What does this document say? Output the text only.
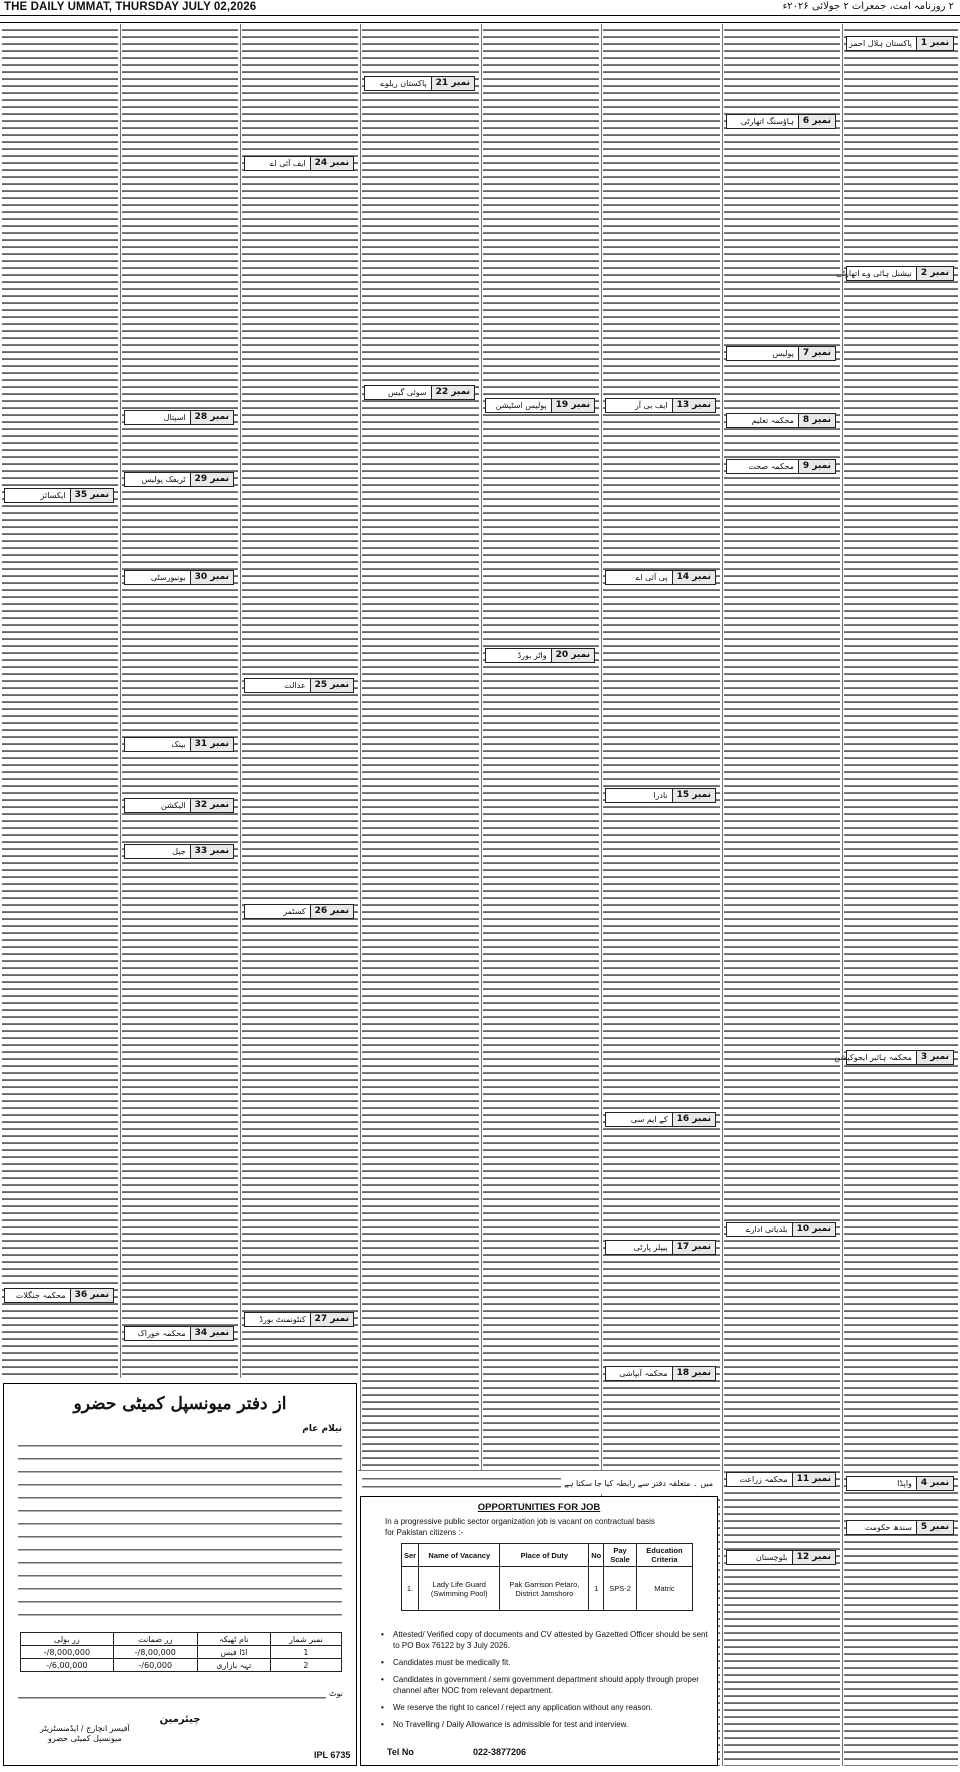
THE DAILY UMMAT, THURSDAY JULY 02,2026	۲ روزنامہ امت، جمعرات ۲ جولائی ۲۰۲۶ء
نمبر 1
پاکستان ہلال احمر
نمبر 2
نیشنل ہائی وے اتھارٹی
نمبر 3
محکمہ ہائیر ایجوکیشن
نمبر 4
واپڈا
نمبر 5
سندھ حکومت
نمبر 6
ہاؤسنگ اتھارٹی
نمبر 7
پولیس
نمبر 8
محکمہ تعلیم
نمبر 9
محکمہ صحت
نمبر 10
بلدیاتی ادارے
نمبر 11
محکمہ زراعت
نمبر 12
بلوچستان
نمبر 13
ایف بی آر
نمبر 14
پی آئی اے
نمبر 15
نادرا
نمبر 16
کے ایم سی
نمبر 17
پیپلز پارٹی
نمبر 18
محکمہ آبپاشی
نمبر 19
پولیس اسٹیشن
نمبر 20
واٹر بورڈ
نمبر 21
پاکستان ریلوے
نمبر 22
سوئی گیس
نمبر 24
ایف آئی اے
نمبر 25
عدالت
نمبر 26
کسٹمز
نمبر 27
کنٹونمنٹ بورڈ
نمبر 28
اسپتال
نمبر 29
ٹریفک پولیس
نمبر 30
یونیورسٹی
نمبر 31
بینک
نمبر 32
الیکشن
نمبر 33
جیل
نمبر 34
محکمہ خوراک
نمبر 35
ایکسائز
نمبر 36
محکمہ جنگلات
از دفتر میونسپل کمیٹی حضرو
نیلام عام
نمبر شمار	نام ٹھیکہ	زر ضمانت	زر بولی
1	اڈا فیس	8,00,000/-	8,000,000/-
2	تہہ بازاری	60,000/-	6,00,000/-
نوٹ
چیئرمین
آفیسر انچارج / ایڈمنسٹریٹر
میونسپل کمیٹی حضرو
IPL 6735
میں ۔ متعلقہ دفتر سے رابطہ کیا جا سکتا ہے
OPPORTUNITIES FOR JOB
In a progressive public sector organization job is vacant on contractual basis
for Pakistan citizens :-
Ser	Name of Vacancy	Place of Duty	No	Pay Scale	Education Criteria
1.	Lady Life Guard (Swimming Pool)	Pak Garrison Petaro, District Jamshoro	1	SPS-2	Matric
• Attested/ Verified copy of documents and CV attested by Gazetted Officer should be sent to PO Box 76122 by 3 July 2026.
• Candidates must be medically fit.
• Candidates in government / semi government department should apply through proper channel after NOC from relevant department.
• We reserve the right to cancel / reject any application without any reason.
• No Travelling / Daily Allowance is admissible for test and interview.
Tel No	022-3877206
